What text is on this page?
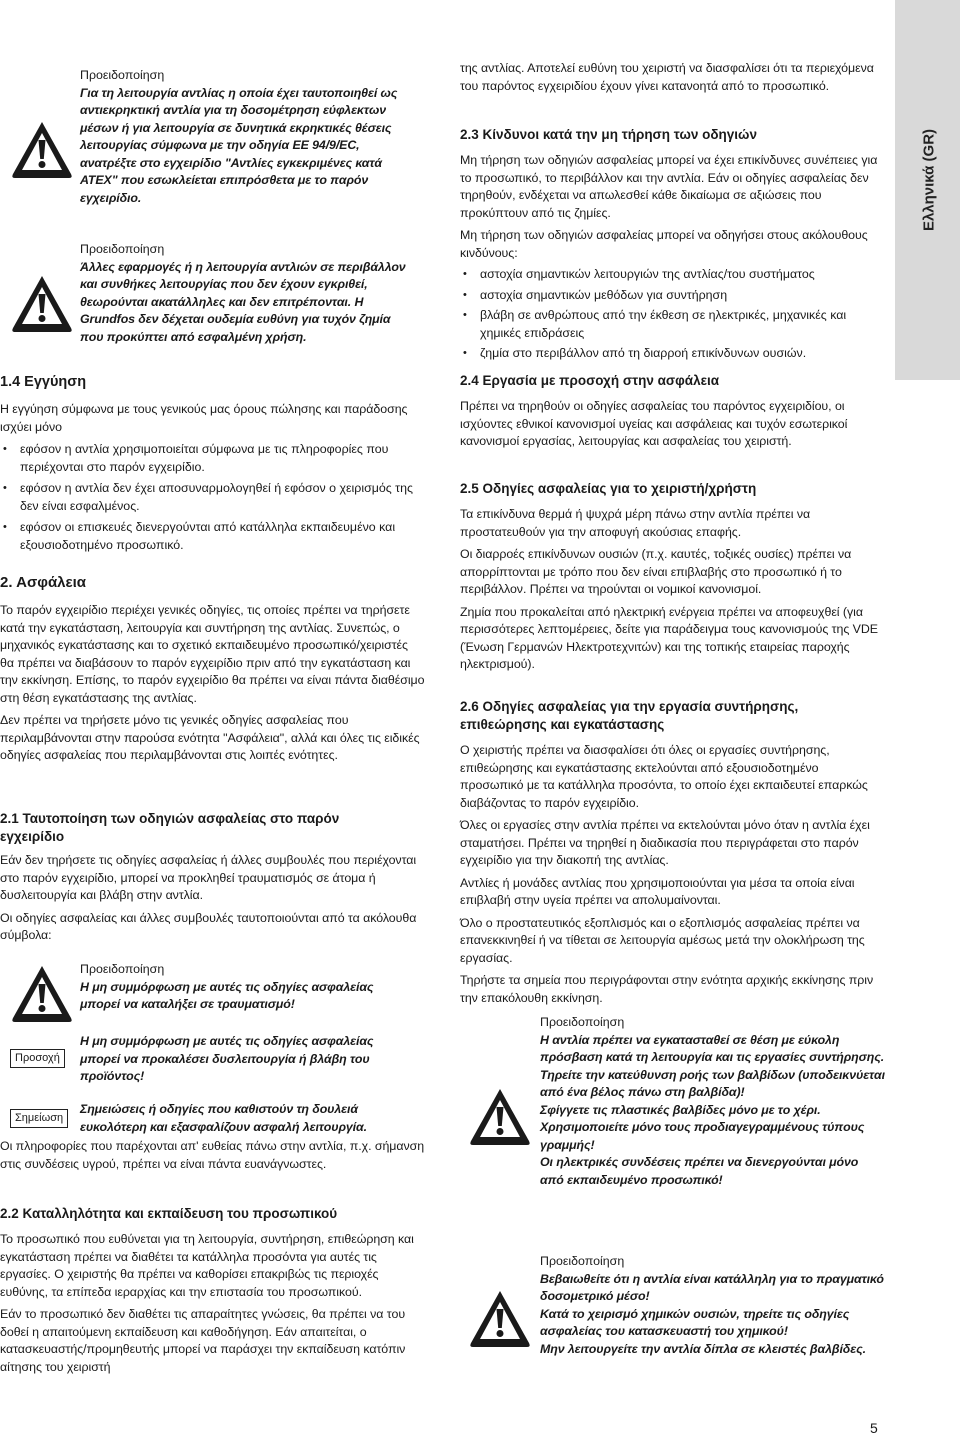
Ελληνικά (GR)

Προειδοποίηση

Για τη λειτουργία αντλίας η οποία έχει ταυτοποιηθεί ως αντιεκρηκτική αντλία για τη δοσομέτρηση εύφλεκτων μέσων ή για λειτουργία σε δυνητικά εκρηκτικές θέσεις λειτουργίας σύμφωνα με την οδηγία ΕΕ 94/9/EC, ανατρέξτε στο εγχειρίδιο "Αντλίες εγκεκριμένες κατά ATEX" που εσωκλείεται επιπρόσθετα με το παρόν εγχειρίδιο.

Προειδοποίηση

Άλλες εφαρμογές ή η λειτουργία αντλιών σε περιβάλλον και συνθήκες λειτουργίας που δεν έχουν εγκριθεί, θεωρούνται ακατάλληλες και δεν επιτρέπονται. Η Grundfos δεν δέχεται ουδεμία ευθύνη για τυχόν ζημία που προκύπτει από εσφαλμένη χρήση.

1.4 Εγγύηση

Η εγγύηση σύμφωνα με τους γενικούς μας όρους πώλησης και παράδοσης ισχύει μόνο

• εφόσον η αντλία χρησιμοποιείται σύμφωνα με τις πληροφορίες που περιέχονται στο παρόν εγχειρίδιο.
• εφόσον η αντλία δεν έχει αποσυναρμολογηθεί ή εφόσον ο χειρισμός της δεν είναι εσφαλμένος.
• εφόσον οι επισκευές διενεργούνται από κατάλληλα εκπαιδευμένο και εξουσιοδοτημένο προσωπικό.
2. Ασφάλεια

Το παρόν εγχειρίδιο περιέχει γενικές οδηγίες, τις οποίες πρέπει να τηρήσετε κατά την εγκατάσταση, λειτουργία και συντήρηση της αντλίας. Συνεπώς, ο μηχανικός εγκατάστασης και το σχετικό εκπαιδευμένο προσωπικό/χειριστές θα πρέπει να διαβάσουν το παρόν εγχειρίδιο πριν από την εγκατάσταση και την εκκίνηση. Επίσης, το παρόν εγχειρίδιο θα πρέπει να είναι πάντα διαθέσιμο στη θέση εγκατάστασης της αντλίας.

Δεν πρέπει να τηρήσετε μόνο τις γενικές οδηγίες ασφαλείας που περιλαμβάνονται στην παρούσα ενότητα "Ασφάλεια", αλλά και όλες τις ειδικές οδηγίες ασφαλείας που περιλαμβάνονται στις λοιπές ενότητες.

2.1 Ταυτοποίηση των οδηγιών ασφαλείας στο παρόν εγχειρίδιο

Εάν δεν τηρήσετε τις οδηγίες ασφαλείας ή άλλες συμβουλές που περιέχονται στο παρόν εγχειρίδιο, μπορεί να προκληθεί τραυματισμός σε άτομα ή δυσλειτουργία και βλάβη στην αντλία.

Οι οδηγίες ασφαλείας και άλλες συμβουλές ταυτοποιούνται από τα ακόλουθα σύμβολα:

Προειδοποίηση

Η μη συμμόρφωση με αυτές τις οδηγίες ασφαλείας μπορεί να καταλήξει σε τραυματισμό!

Προσοχή

Η μη συμμόρφωση με αυτές τις οδηγίες ασφαλείας μπορεί να προκαλέσει δυσλειτουργία ή βλάβη του προϊόντος!

Σημείωση

Σημειώσεις ή οδηγίες που καθιστούν τη δουλειά ευκολότερη και εξασφαλίζουν ασφαλή λειτουργία.

Οι πληροφορίες που παρέχονται απ' ευθείας πάνω στην αντλία, π.χ. σήμανση στις συνδέσεις υγρού, πρέπει να είναι πάντα ευανάγνωστες.

2.2 Καταλληλότητα και εκπαίδευση του προσωπικού

Το προσωπικό που ευθύνεται για τη λειτουργία, συντήρηση, επιθεώρηση και εγκατάσταση πρέπει να διαθέτει τα κατάλληλα προσόντα για αυτές τις εργασίες. Ο χειριστής θα πρέπει να καθορίσει επακριβώς τις περιοχές ευθύνης, τα επίπεδα ιεραρχίας και την επιστασία του προσωπικού.

Εάν το προσωπικό δεν διαθέτει τις απαραίτητες γνώσεις, θα πρέπει να του δοθεί η απαιτούμενη εκπαίδευση και καθοδήγηση. Εάν απαιτείται, ο κατασκευαστής/προμηθευτής μπορεί να παράσχει την εκπαίδευση κατόπιν αίτησης του χειριστή

της αντλίας. Αποτελεί ευθύνη του χειριστή να διασφαλίσει ότι τα περιεχόμενα του παρόντος εγχειριδίου έχουν γίνει κατανοητά από το προσωπικό.

2.3 Κίνδυνοι κατά την μη τήρηση των οδηγιών

Μη τήρηση των οδηγιών ασφαλείας μπορεί να έχει επικίνδυνες συνέπειες για το προσωπικό, το περιβάλλον και την αντλία. Εάν οι οδηγίες ασφαλείας δεν τηρηθούν, ενδέχεται να απωλεσθεί κάθε δικαίωμα σε αξιώσεις που προκύπτουν από τις ζημίες.

Μη τήρηση των οδηγιών ασφαλείας μπορεί να οδηγήσει στους ακόλουθους κινδύνους:

• αστοχία σημαντικών λειτουργιών της αντλίας/του συστήματος
• αστοχία σημαντικών μεθόδων για συντήρηση
• βλάβη σε ανθρώπους από την έκθεση σε ηλεκτρικές, μηχανικές και χημικές επιδράσεις
• ζημία στο περιβάλλον από τη διαρροή επικίνδυνων ουσιών.
2.4 Εργασία με προσοχή στην ασφάλεια

Πρέπει να τηρηθούν οι οδηγίες ασφαλείας του παρόντος εγχειριδίου, οι ισχύοντες εθνικοί κανονισμοί υγείας και ασφάλειας και τυχόν εσωτερικοί κανονισμοί εργασίας, λειτουργίας και ασφαλείας του χειριστή.

2.5 Οδηγίες ασφαλείας για το χειριστή/χρήστη

Τα επικίνδυνα θερμά ή ψυχρά μέρη πάνω στην αντλία πρέπει να προστατευθούν για την αποφυγή ακούσιας επαφής.

Οι διαρροές επικίνδυνων ουσιών (π.χ. καυτές, τοξικές ουσίες) πρέπει να απορρίπτονται με τρόπο που δεν είναι επιβλαβής στο προσωπικό ή το περιβάλλον. Πρέπει να τηρούνται οι νομικοί κανονισμοί.

Ζημία που προκαλείται από ηλεκτρική ενέργεια πρέπει να αποφευχθεί (για περισσότερες λεπτομέρειες, δείτε για παράδειγμα τους κανονισμούς της VDE (Ένωση Γερμανών Ηλεκτροτεχνιτών) και της τοπικής εταιρείας παροχής ηλεκτρισμού).

2.6 Οδηγίες ασφαλείας για την εργασία συντήρησης, επιθεώρησης και εγκατάστασης

Ο χειριστής πρέπει να διασφαλίσει ότι όλες οι εργασίες συντήρησης, επιθεώρησης και εγκατάστασης εκτελούνται από εξουσιοδοτημένο προσωπικό με τα κατάλληλα προσόντα, το οποίο έχει εκπαιδευτεί επαρκώς διαβάζοντας το παρόν εγχειρίδιο.

Όλες οι εργασίες στην αντλία πρέπει να εκτελούνται μόνο όταν η αντλία έχει σταματήσει. Πρέπει να τηρηθεί η διαδικασία που περιγράφεται στο παρόν εγχειρίδιο για την διακοπή της αντλίας.

Αντλίες ή μονάδες αντλίας που χρησιμοποιούνται για μέσα τα οποία είναι επιβλαβή στην υγεία πρέπει να απολυμαίνονται.

Όλο ο προστατευτικός εξοπλισμός και ο εξοπλισμός ασφαλείας πρέπει να επανεκκινηθεί ή να τίθεται σε λειτουργία αμέσως μετά την ολοκλήρωση της εργασίας.

Τηρήστε τα σημεία που περιγράφονται στην ενότητα αρχικής εκκίνησης πριν την επακόλουθη εκκίνηση.

Προειδοποίηση

Η αντλία πρέπει να εγκατασταθεί σε θέση με εύκολη πρόσβαση κατά τη λειτουργία και τις εργασίες συντήρησης.

Τηρείτε την κατεύθυνση ροής των βαλβίδων (υποδεικνύεται από ένα βέλος πάνω στη βαλβίδα)!

Σφίγγετε τις πλαστικές βαλβίδες μόνο με το χέρι.

Χρησιμοποιείτε μόνο τους προδιαγεγραμμένους τύπους γραμμής!

Οι ηλεκτρικές συνδέσεις πρέπει να διενεργούνται μόνο από εκπαιδευμένο προσωπικό!

Προειδοποίηση

Βεβαιωθείτε ότι η αντλία είναι κατάλληλη για το πραγματικό δοσομετρικό μέσο!

Κατά το χειρισμό χημικών ουσιών, τηρείτε τις οδηγίες ασφαλείας του κατασκευαστή του χημικού!

Μην λειτουργείτε την αντλία δίπλα σε κλειστές βαλβίδες.

5
